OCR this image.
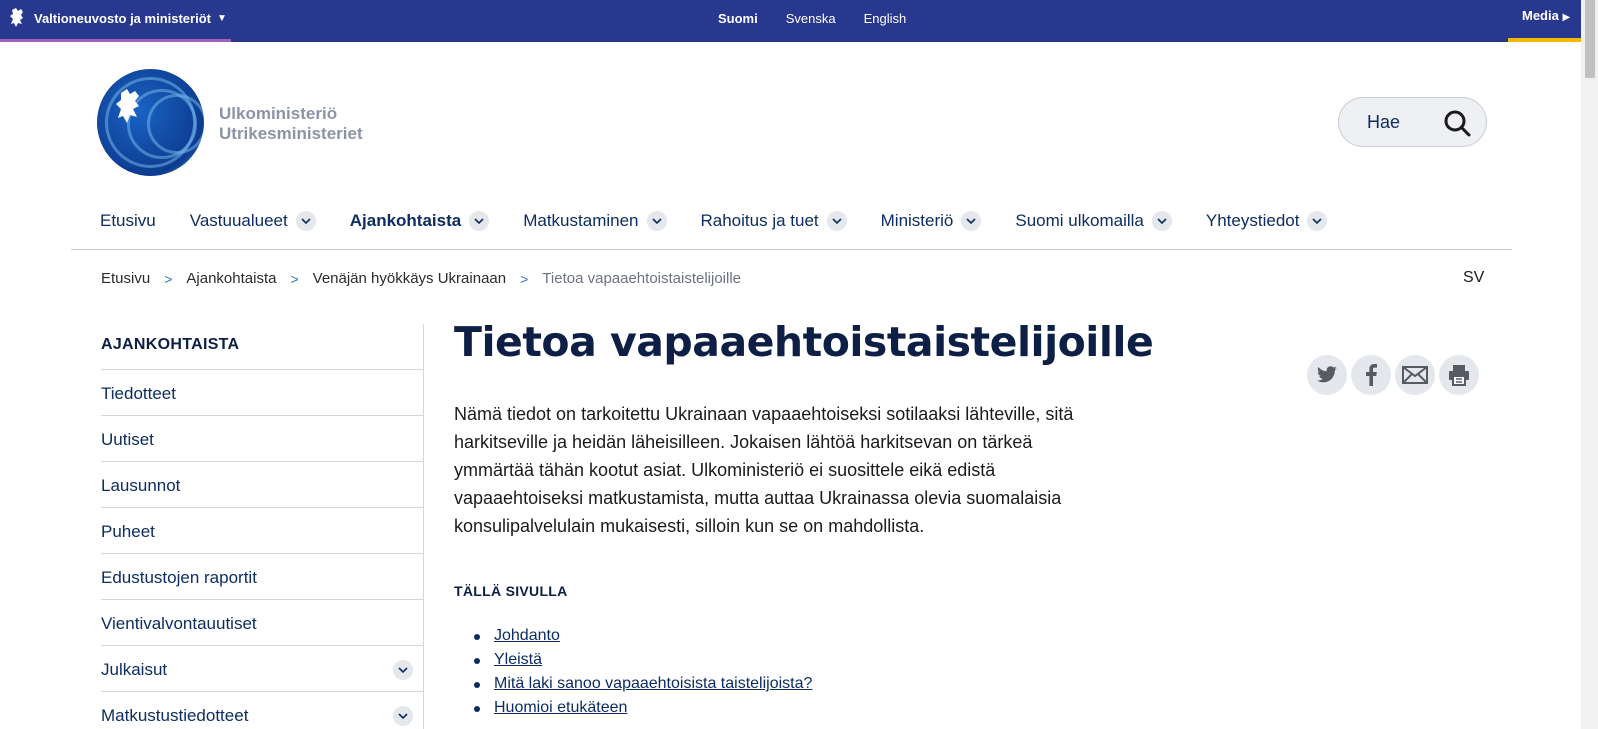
Valtioneuvosto ja ministeriöt ▼	Suomi Svenska English	Media ▶
Ulkoministeriö
Utrikesministeriet
Hae
Etusivu Vastuualueet	Ajankohtaista	Matkustaminen	Rahoitus ja tuet	Ministeriö	Suomi ulkomailla	Yhteystiedot
Etusivu > Ajankohtaista > Venäjän hyökkäys Ukrainaan > Tietoa vapaaehtoistaistelijoille	SV
AJANKOHTAISTA
Tiedotteet
Uutiset
Lausunnot
Puheet
Edustustojen raportit
Vientivalvontauutiset
Julkaisut
Matkustustiedotteet
Tietoa vapaaehtoistaistelijoille

Nämä tiedot on tarkoitettu Ukrainaan vapaaehtoiseksi sotilaaksi lähteville, sitä harkitseville ja heidän läheisilleen. Jokaisen lähtöä harkitsevan on tärkeä ymmärtää tähän kootut asiat. Ulkoministeriö ei suosittele eikä edistä vapaaehtoiseksi matkustamista, mutta auttaa Ukrainassa olevia suomalaisia konsulipalvelulain mukaisesti, silloin kun se on mahdollista.

TÄLLÄ SIVULLA
Johdanto
Yleistä
Mitä laki sanoo vapaaehtoisista taistelijoista?
Huomioi etukäteen
